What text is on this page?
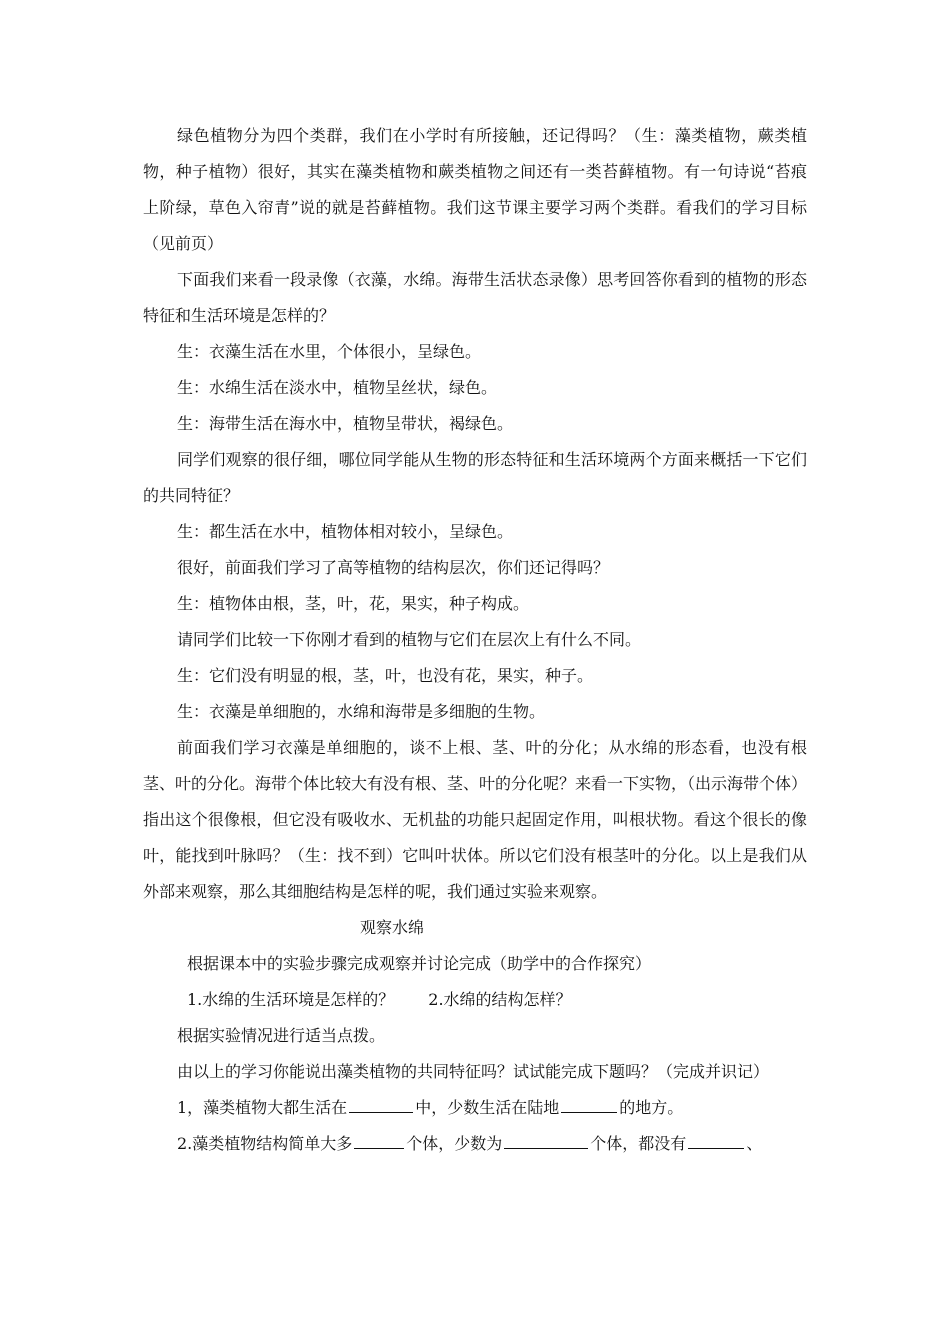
绿色植物分为四个类群，我们在小学时有所接触，还记得吗？（生：藻类植物，蕨类植物，种子植物）很好，其实在藻类植物和蕨类植物之间还有一类苔藓植物。有一句诗说“苔痕上阶绿，草色入帘青”说的就是苔藓植物。我们这节课主要学习两个类群。看我们的学习目标（见前页）

下面我们来看一段录像（衣藻，水绵。海带生活状态录像）思考回答你看到的植物的形态特征和生活环境是怎样的？

生：衣藻生活在水里，个体很小，呈绿色。

生：水绵生活在淡水中，植物呈丝状，绿色。

生：海带生活在海水中，植物呈带状，褐绿色。

同学们观察的很仔细，哪位同学能从生物的形态特征和生活环境两个方面来概括一下它们的共同特征？

生：都生活在水中，植物体相对较小，呈绿色。

很好，前面我们学习了高等植物的结构层次，你们还记得吗？

生：植物体由根，茎，叶，花，果实，种子构成。

请同学们比较一下你刚才看到的植物与它们在层次上有什么不同。

生：它们没有明显的根，茎，叶，也没有花，果实，种子。

生：衣藻是单细胞的，水绵和海带是多细胞的生物。

前面我们学习衣藻是单细胞的，谈不上根、茎、叶的分化；从水绵的形态看，也没有根茎、叶的分化。海带个体比较大有没有根、茎、叶的分化呢？来看一下实物，（出示海带个体）指出这个很像根，但它没有吸收水、无机盐的功能只起固定作用，叫根状物。看这个很长的像叶，能找到叶脉吗？（生：找不到）它叫叶状体。所以它们没有根茎叶的分化。以上是我们从外部来观察，那么其细胞结构是怎样的呢，我们通过实验来观察。

观察水绵

根据课本中的实验步骤完成观察并讨论完成（助学中的合作探究）

1.水绵的生活环境是怎样的？ 2.水绵的结构怎样？

根据实验情况进行适当点拨。

由以上的学习你能说出藻类植物的共同特征吗？试试能完成下题吗？（完成并识记）

1，藻类植物大都生活在	中，少数生活在陆地	的地方。

2.藻类植物结构简单大多	个体，少数为	个体，都没有	、
